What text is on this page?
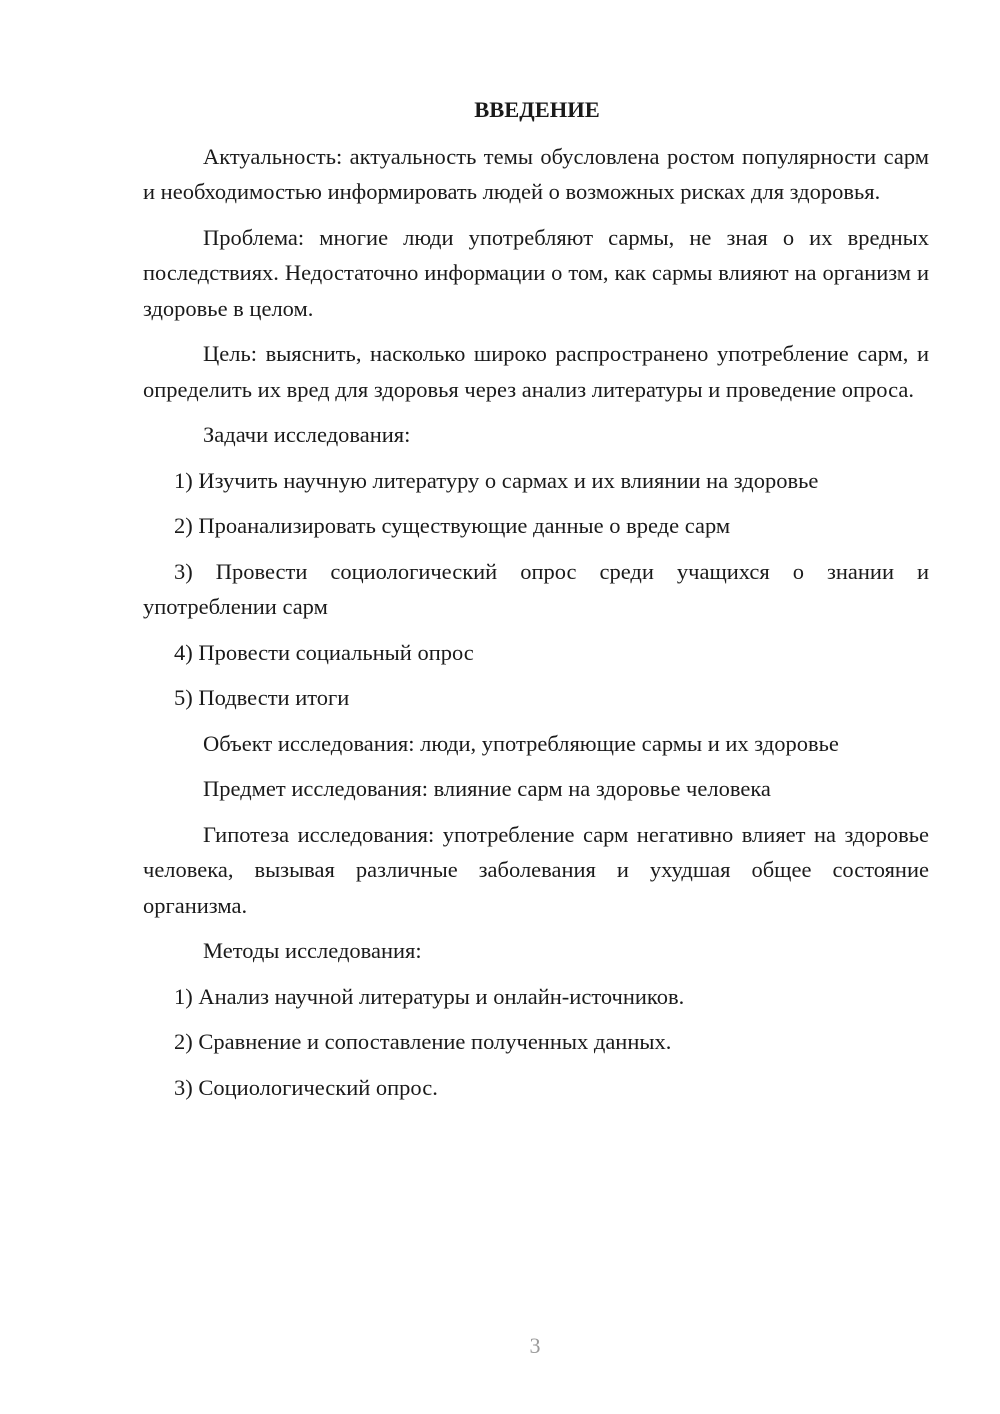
ВВЕДЕНИЕ

Актуальность: актуальность темы обусловлена ростом популярности сарм и необходимостью информировать людей о возможных рисках для здоровья.

Проблема: многие люди употребляют сармы, не зная о их вредных последствиях. Недостаточно информации о том, как сармы влияют на организм и здоровье в целом.

Цель: выяснить, насколько широко распространено употребление сарм, и определить их вред для здоровья через анализ литературы и проведение опроса.

Задачи исследования:

1) Изучить научную литературу о сармах и их влиянии на здоровье

2) Проанализировать существующие данные о вреде сарм

3) Провести социологический опрос среди учащихся о знании и употреблении сарм

4) Провести социальный опрос

5) Подвести итоги

Объект исследования: люди, употребляющие сармы и их здоровье

Предмет исследования: влияние сарм на здоровье человека

Гипотеза исследования: употребление сарм негативно влияет на здоровье человека, вызывая различные заболевания и ухудшая общее состояние организма.

Методы исследования:

1) Анализ научной литературы и онлайн-источников.

2) Сравнение и сопоставление полученных данных.

3) Социологический опрос.

3
